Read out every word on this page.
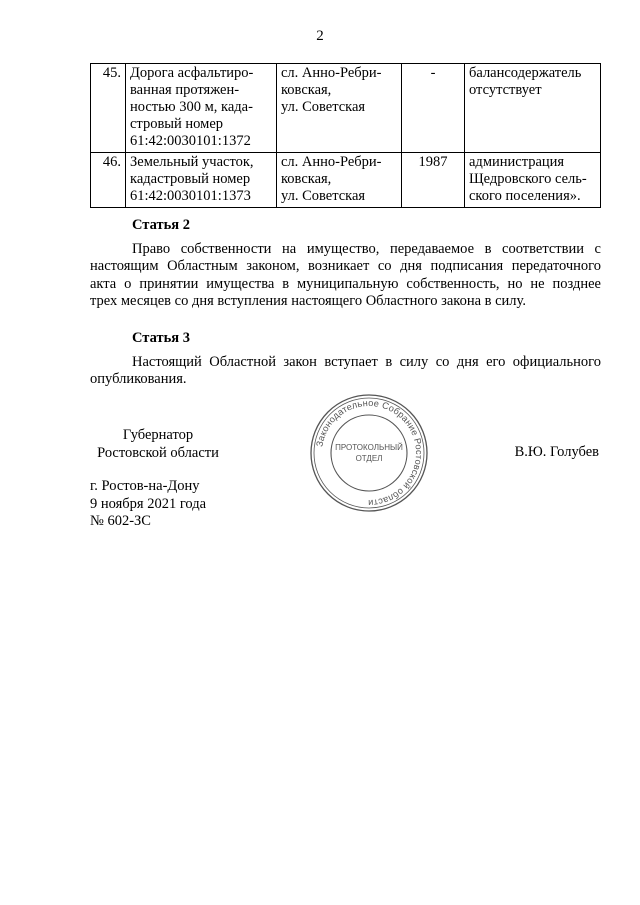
2
45.	Дорога асфальтиро-
ванная протяжен-
ностью 300 м, када-
стровый номер
61:42:0030101:1372	сл. Анно-Ребри-
ковская,
ул. Советская	-	балансодержатель
отсутствует

46.	Земельный участок,
кадастровый номер
61:42:0030101:1373	сл. Анно-Ребри-
ковская,
ул. Советская	1987	администрация
Щедровского сель-
ского поселения».
Статья 2
Право собственности на имущество, передаваемое в соответствии с
настоящим Областным законом, возникает со дня подписания передаточного
акта о принятии имущества в муниципальную собственность, но не позднее
трех месяцев со дня вступления настоящего Областного закона в силу.
Статья 3
Настоящий Областной закон вступает в силу со дня его официального
опубликования.
Губернатор
Ростовской области	В.Ю. Голубев
г. Ростов-на-Дону
9 ноября 2021 года
№ 602-ЗС
Законодательное Собрание Ростовской области
ПРОТОКОЛЬНЫЙ
ОТДЕЛ
